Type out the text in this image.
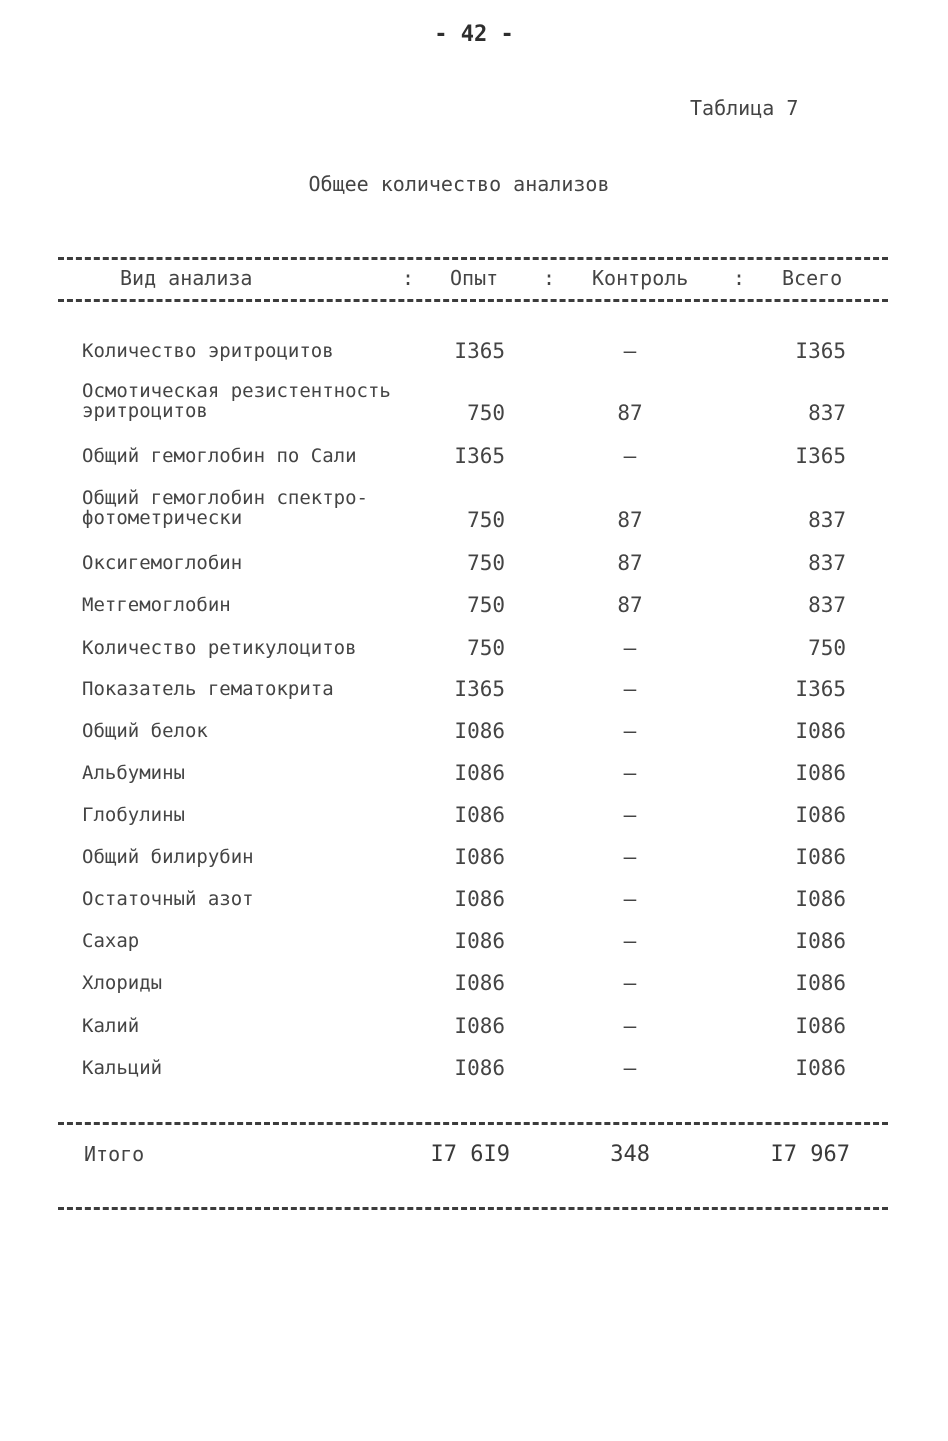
- 42 -
Таблица 7
Общее количество анализов
Вид анализа	: Опыт : Контроль : Всего
Количество эритроцитов	I365	–	I365
Осмотическая резистентность
эритроцитов	750	87	837
Общий гемоглобин по Сали	I365	–	I365
Общий гемоглобин спектро-
фотометрически	750	87	837
Оксигемоглобин	750	87	837
Метгемоглобин	750	87	837
Количество ретикулоцитов	750	–	750
Показатель гематокрита	I365	–	I365
Общий белок	I086	–	I086
Альбумины	I086	–	I086
Глобулины	I086	–	I086
Общий билирубин	I086	–	I086
Остаточный азот	I086	–	I086
Сахар	I086	–	I086
Хлориды	I086	–	I086
Калий	I086	–	I086
Кальций	I086	–	I086
Итого	I7 6I9	348	I7 967
